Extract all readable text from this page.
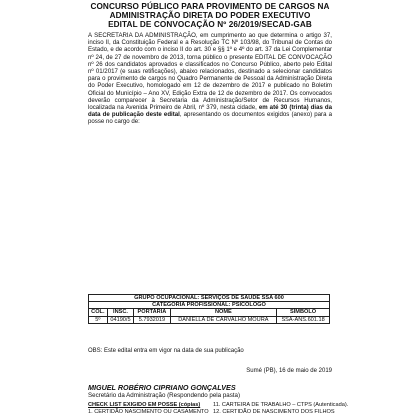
CONCURSO PÚBLICO PARA PROVIMENTO DE CARGOS NA
ADMINISTRAÇÃO DIRETA DO PODER EXECUTIVO
EDITAL DE CONVOCAÇÃO Nº 26/2019/SECAD-GAB
A SECRETARIA DA ADMINISTRAÇÃO, em cumprimento ao que determina o artigo 37, inciso II, da Constituição Federal e a Resolução TC Nº 103/98, do Tribunal de Contas do Estado, e de acordo com o inciso II do art. 30 e §§ 1º e 4º do art. 37 da Lei Complementar nº 24, de 27 de novembro de 2013, torna público o presente EDITAL DE CONVOCAÇÃO nº 26 dos candidatos aprovados e classificados no Concurso Público, aberto pelo Edital nº 01/2017 (e suas retificações), abaixo relacionados, destinado a selecionar candidatos para o provimento de cargos no Quadro Permanente de Pessoal da Administração Direta do Poder Executivo, homologado em 12 de dezembro de 2017 e publicado no Boletim Oficial do Município – Ano XV, Edição Extra de 12 de dezembro de 2017. Os convocados deverão comparecer à Secretaria da Administração/Setor de Recursos Humanos, localizada na Avenida Primeiro de Abril, nº 379, nesta cidade, em até 30 (trinta) dias da data de publicação deste edital, apresentando os documentos exigidos (anexo) para a posse no cargo de:
GRUPO OCUPACIONAL: SERVIÇOS DE SAÚDE SSA 600				
CATEGORIA PROFISSIONAL: PSICÓLOGO				
COL.	INSC.	PORTARIA	NOME	SÍMBOLO
5º	04190/5	5.7932019	DANIELLA DE CARVALHO MOURA	SSA-ANS.601.18
OBS: Este edital entra em vigor na data de sua publicação
Sumé (PB), 16 de maio de 2019
MIGUEL ROBÉRIO CIPRIANO GONÇALVES
Secretário da Administração (Respondendo pela pasta)
CHECK LIST EXIGIDO EM POSSE (cópias)
1. CERTIDÃO NASCIMENTO OU CASAMENTO
11. CARTEIRA DE TRABALHO – CTPS (Autenticada).
12. CERTIDÃO DE NASCIMENTO DOS FILHOS
